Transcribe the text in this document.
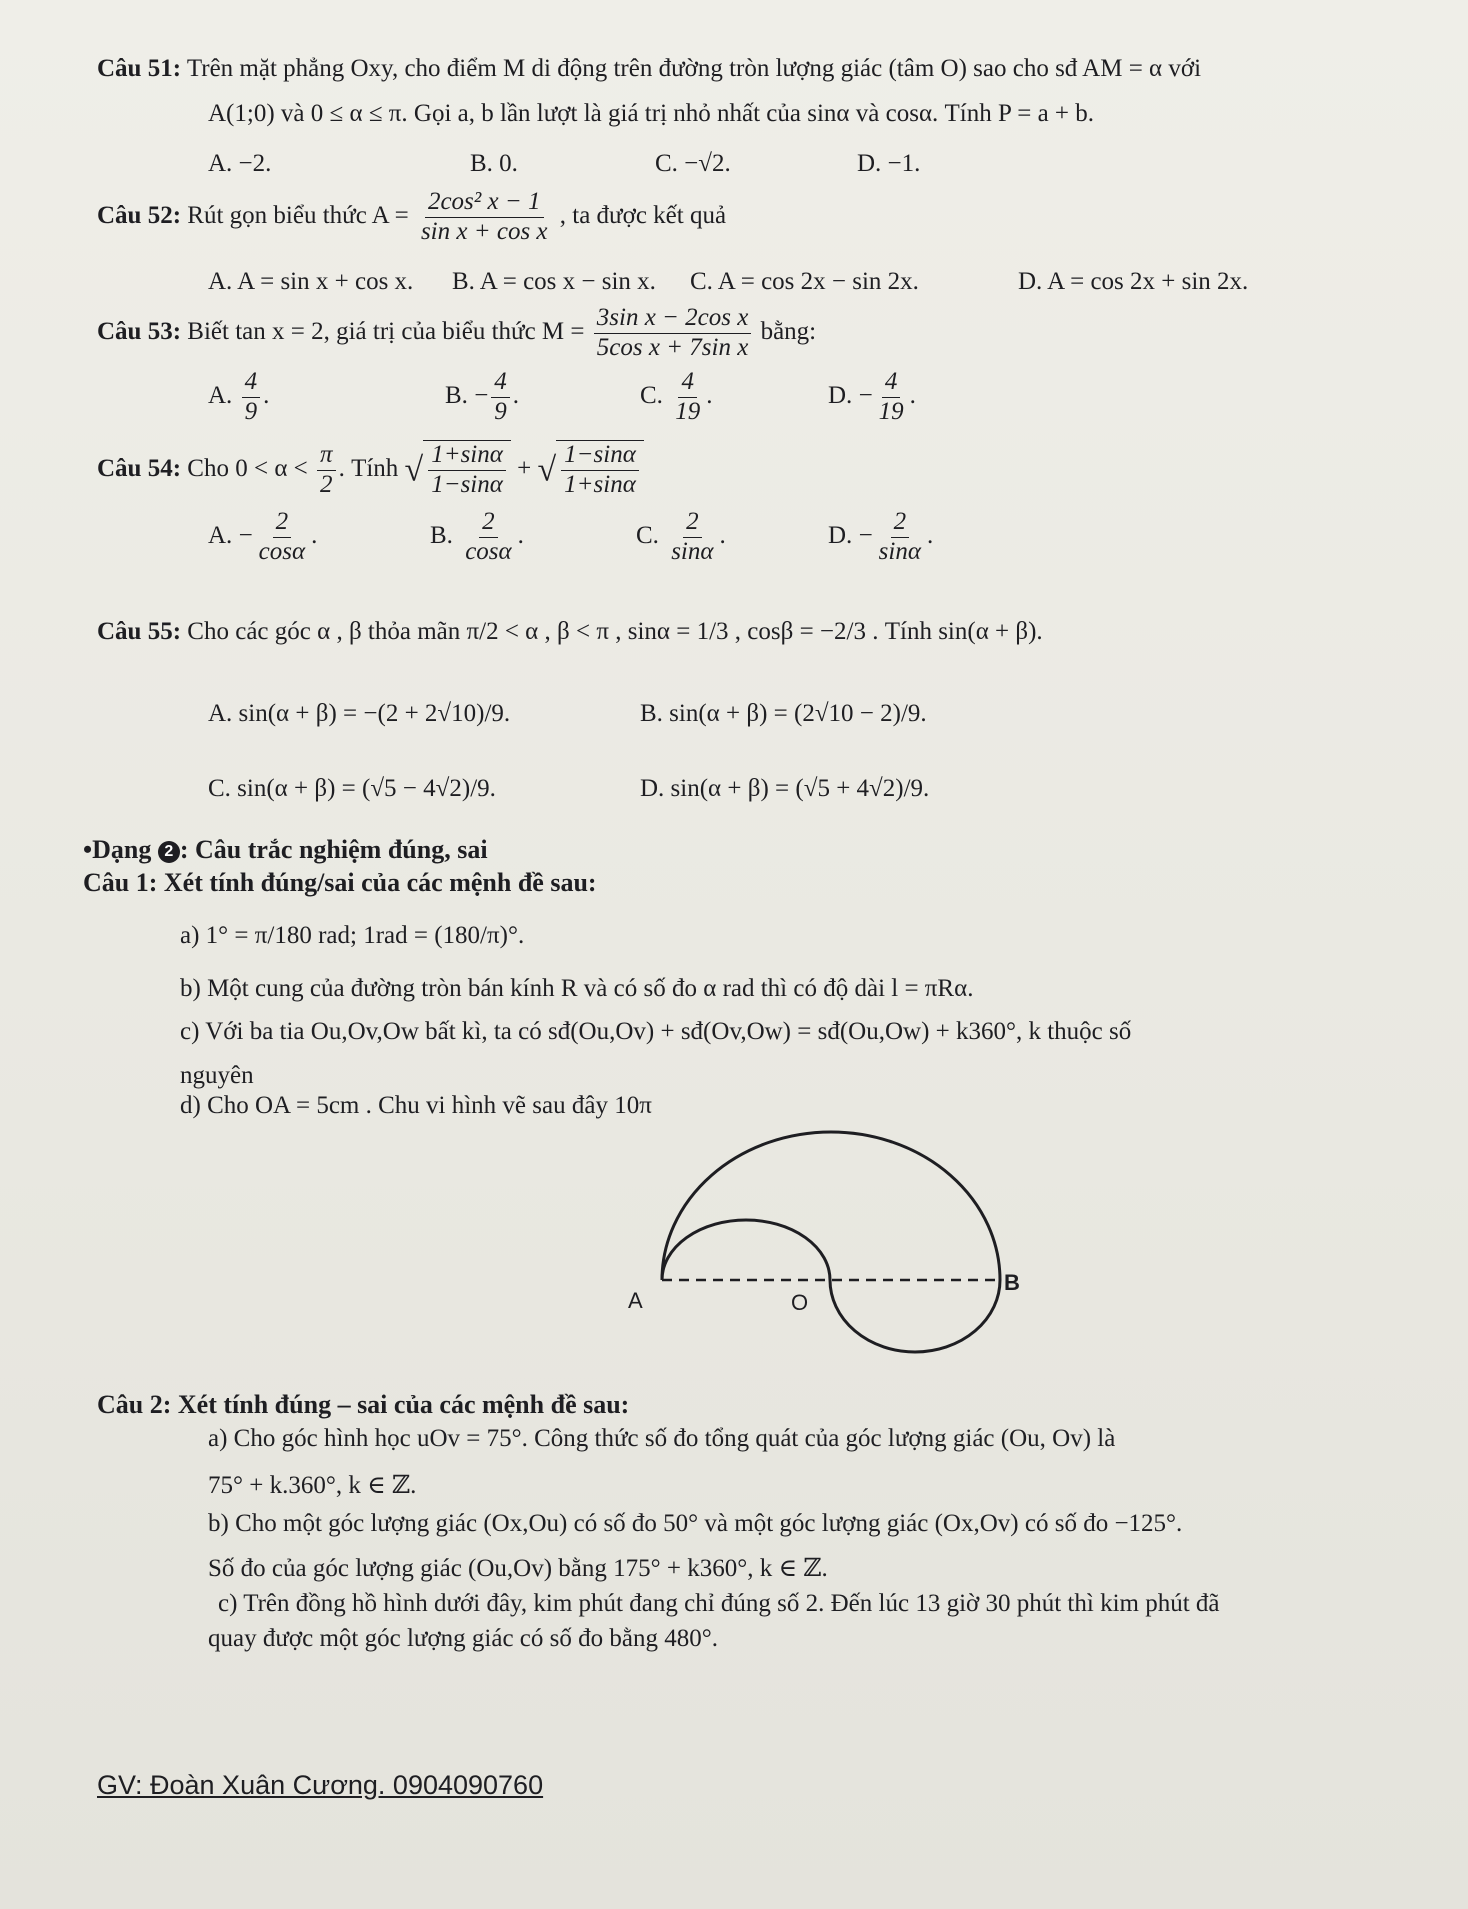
Câu 51: Trên mặt phẳng Oxy, cho điểm M di động trên đường tròn lượng giác (tâm O) sao cho sđ AM = α với
A(1;0) và 0 ≤ α ≤ π. Gọi a, b lần lượt là giá trị nhỏ nhất của sinα và cosα. Tính P = a + b.
A. −2.	B. 0.	C. −√2.	D. −1.
Câu 52: Rút gọn biểu thức $A = \frac{\text{2cos² x − 1}}{\text{sin x + cos x}}$ , ta được kết quả
A. A = sin x + cos x. B. A = cos x − sin x. C. A = cos 2x − sin 2x.	D. A = cos 2x + sin 2x.
Câu 53: Biết tan x = 2, giá trị của biểu thức $M = \frac{\text{3sin x − 2cos x}}{\text{5cos x + 7sin x}}$ bằng:
A. $\frac{4}{9}$ .	B. − $\frac{4}{9}$ .	C. $\frac{4}{19}$ .	D. − $\frac{4}{19}$ .
Câu 54: Cho $0 < \alpha < \frac{\pi}{2}$ . Tính √ $\frac{1+\sin\alpha}{1-\sin\alpha}$ + √ $\frac{1-\sin\alpha}{1+\sin\alpha}$
A. − $\frac{2}{\cos\alpha}$ .	B. $\frac{2}{\cos\alpha}$ .	C. $\frac{2}{\sin\alpha}$ .	D. − $\frac{2}{\sin\alpha}$ .
Câu 55: Cho các góc α , β thỏa mãn π/2 < α , β < π , sinα = 1/3 , cosβ = −2/3 . Tính sin(α + β).
A. sin(α + β) = −(2 + 2√10)/9.	B. sin(α + β) = (2√10 − 2)/9.
C. sin(α + β) = (√5 − 4√2)/9.	D. sin(α + β) = (√5 + 4√2)/9.
•Dạng 2 : Câu trắc nghiệm đúng, sai
Câu 1: Xét tính đúng/sai của các mệnh đề sau:
a) 1° = π/180 rad; 1rad = (180/π)°.
b) Một cung của đường tròn bán kính R và có số đo α rad thì có độ dài l = πRα.
c) Với ba tia Ou,Ov,Ow bất kì, ta có sđ(Ou,Ov) + sđ(Ov,Ow) = sđ(Ou,Ow) + k360°, k thuộc số
nguyên
d) Cho OA = 5cm . Chu vi hình vẽ sau đây 10π
A	O
B
Câu 2: Xét tính đúng – sai của các mệnh đề sau:
a) Cho góc hình học uOv = 75°. Công thức số đo tổng quát của góc lượng giác (Ou, Ov) là
75° + k.360°, k ∈ ℤ.
b) Cho một góc lượng giác (Ox,Ou) có số đo 50° và một góc lượng giác (Ox,Ov) có số đo −125°.
Số đo của góc lượng giác (Ou,Ov) bằng 175° + k360°, k ∈ ℤ.
c) Trên đồng hồ hình dưới đây, kim phút đang chỉ đúng số 2. Đến lúc 13 giờ 30 phút thì kim phút đã
quay được một góc lượng giác có số đo bằng 480°.
GV: Đoàn Xuân Cương. 0904090760
